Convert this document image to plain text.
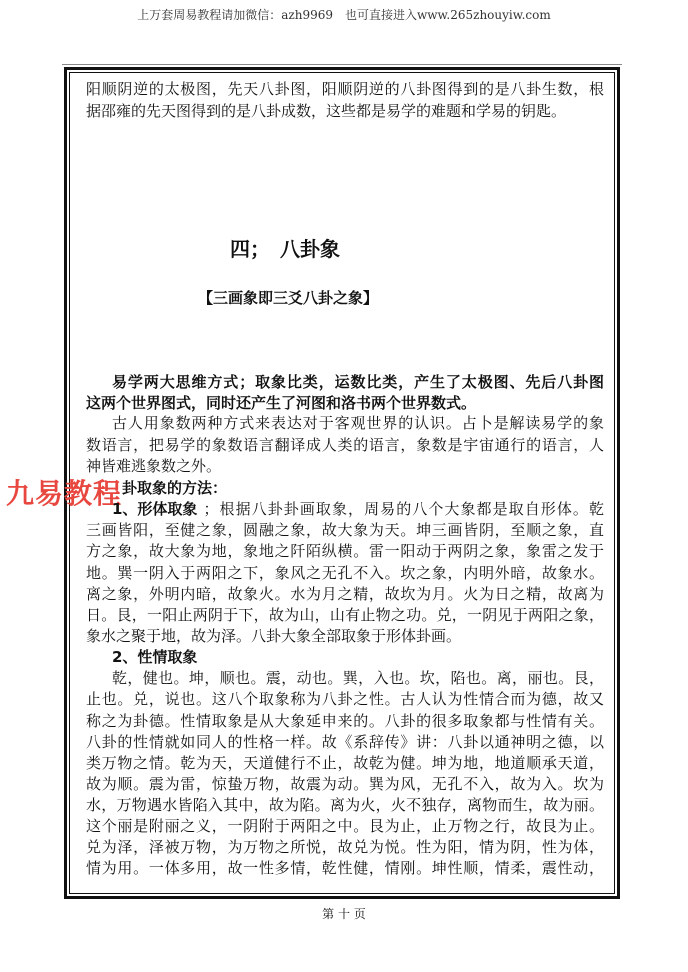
上万套周易教程请加微信：azh9969　也可直接进入www.265zhouyiw.com
阳顺阴逆的太极图，先天八卦图，阳顺阴逆的八卦图得到的是八卦生数，根
据邵雍的先天图得到的是八卦成数，这些都是易学的难题和学易的钥匙。
四；　八卦象
【三画象即三爻八卦之象】
易学两大思维方式；取象比类，运数比类，产生了太极图、先后八卦图
这两个世界图式，同时还产生了河图和洛书两个世界数式。
古人用象数两种方式来表达对于客观世界的认识。占卜是解读易学的象
数语言，把易学的象数语言翻译成人类的语言，象数是宇宙通行的语言，人
神皆难逃象数之外。
卦取象的方法：
九易教程
1、形体取象 ；根据八卦卦画取象，周易的八个大象都是取自形体。乾
三画皆阳，至健之象，圆融之象，故大象为天。坤三画皆阴，至顺之象，直
方之象，故大象为地，象地之阡陌纵横。雷一阳动于两阴之象，象雷之发于
地。巽一阴入于两阳之下，象风之无孔不入。坎之象，内明外暗，故象水。
离之象，外明内暗，故象火。水为月之精，故坎为月。火为日之精，故离为
日。艮，一阳止两阴于下，故为山，山有止物之功。兑，一阴见于两阳之象，
象水之聚于地，故为泽。八卦大象全部取象于形体卦画。
2、性情取象
乾，健也。坤，顺也。震，动也。巽，入也。坎，陷也。离，丽也。艮，
止也。兑，说也。这八个取象称为八卦之性。古人认为性情合而为德，故又
称之为卦德。性情取象是从大象延申来的。八卦的很多取象都与性情有关。
八卦的性情就如同人的性格一样。故《系辞传》讲：八卦以通神明之德，以
类万物之情。乾为天，天道健行不止，故乾为健。坤为地，地道顺承天道，
故为顺。震为雷，惊蛰万物，故震为动。巽为风，无孔不入，故为入。坎为
水，万物遇水皆陷入其中，故为陷。离为火，火不独存，离物而生，故为丽。
这个丽是附丽之义，一阴附于两阳之中。艮为止，止万物之行，故艮为止。
兑为泽，泽被万物，为万物之所悦，故兑为悦。性为阳，情为阴，性为体，
情为用。一体多用，故一性多情，乾性健，情刚。坤性顺，情柔，震性动，
第 十 页
